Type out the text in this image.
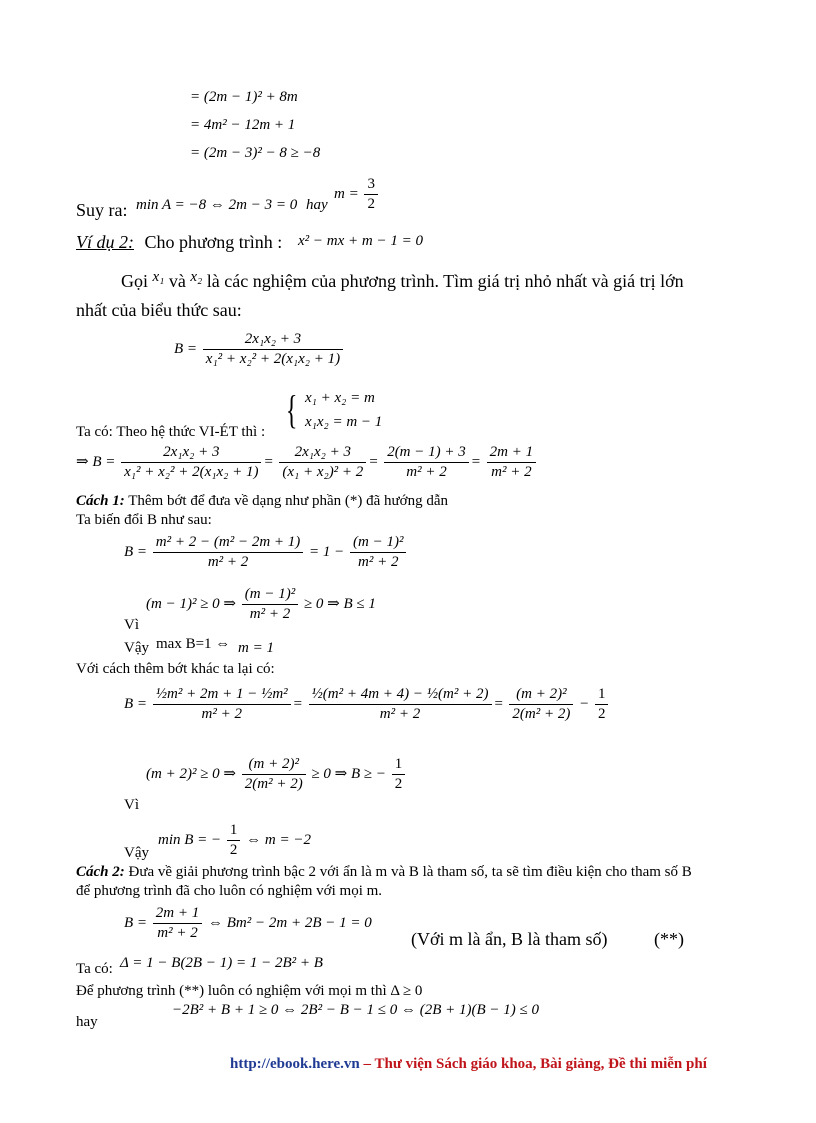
= (2m − 1)² + 8m
= 4m² − 12m + 1
= (2m − 3)² − 8 ≥ −8
Suy ra: min A = −8 ⇔ 2m − 3 = 0 hay
$m = \frac{3}{2}$
Ví dụ 2: Cho phương trình : x² − mx + m − 1 = 0
Gọi $^{x_1}$ và $^{x_2}$ là các nghiệm của phương trình. Tìm giá trị nhỏ nhất và giá trị lớn
nhất của biểu thức sau:
$B = \frac{\text{2x₁x₂ + 3}}{\text{x₁² + x₂² + 2(x₁x₂ + 1)}}$
{ x₁ + x₂ = m
x₁x₂ = m − 1
Ta có: Theo hệ thức VI-ÉT thì :
⇒ $B = \frac{\text{2x₁x₂ + 3}}{\text{x₁² + x₂² + 2(x₁x₂ + 1)}} = \frac{\text{2x₁x₂ + 3}}{\text{(x₁ + x₂)² + 2}} = \frac{2(m - 1) + 3}{\text{m² + 2}} = \frac{2m + 1}{\text{m² + 2}}$
Cách 1: Thêm bớt để đưa về dạng như phần (*) đã hướng dẫn
Ta biến đổi B như sau:
$B = \frac{\text{m² + 2 − (m² − 2m + 1)}}{\text{m² + 2}} = 1 - \frac{\text{(m − 1)²}}{\text{m² + 2}}$
(m − 1)² ≥ 0 ⇒ $\frac{\text{(m − 1)²}}{\text{m² + 2}} \ge 0$ ⇒ B ≤ 1
Vì
Vậy max B=1 ⇔ m = 1
Với cách thêm bớt khác ta lại có:
$B = \frac{\text{½m² + 2m + 1 − ½m²}}{\text{m² + 2}} = \frac{\text{½(m² + 4m + 4) − ½(m² + 2)}}{\text{m² + 2}} = \frac{\text{(m + 2)²}}{\text{2(m² + 2)}} - \frac{1}{2}$
(m + 2)² ≥ 0 ⇒ $\frac{\text{(m + 2)²}}{\text{2(m² + 2)}} \ge 0$ ⇒ B ≥ − $\frac{1}{2}$
Vì
min B = − $\frac{1}{2}$ ⇔ m = −2
Vậy
Cách 2: Đưa về giải phương trình bậc 2 với ẩn là m và B là tham số, ta sẽ tìm điều kiện cho tham số B
để phương trình đã cho luôn có nghiệm với mọi m.
$B = \frac{2m + 1}{\text{m² + 2}}$ ⇔ Bm² − 2m + 2B − 1 = 0
(Với m là ẩn, B là tham số)	(**)
Ta có: Δ = 1 − B(2B − 1) = 1 − 2B² + B
Để phương trình (**) luôn có nghiệm với mọi m thì Δ ≥ 0
hay
−2B² + B + 1 ≥ 0 ⇔ 2B² − B − 1 ≤ 0 ⇔ (2B + 1)(B − 1) ≤ 0
http://ebook.here.vn – Thư viện Sách giáo khoa, Bài giảng, Đề thi miễn phí
